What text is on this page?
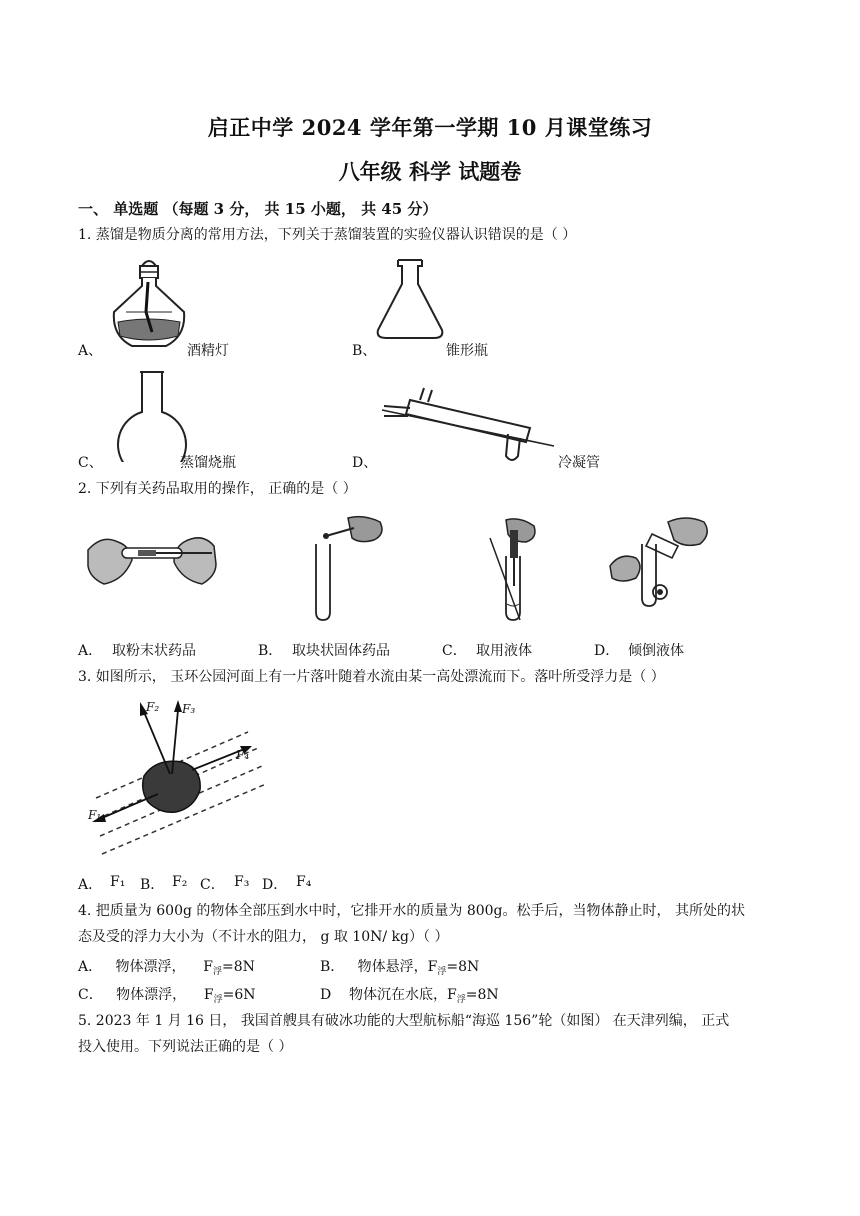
启正中学 2024 学年第一学期 10 月课堂练习
八年级 科学 试题卷
一、 单选题 （每题 3 分， 共 15 小题， 共 45 分）
1. 蒸馏是物质分离的常用方法，下列关于蒸馏装置的实验仪器认识错误的是（ ）
A、	酒精灯	B、	锥形瓶
C、	蒸馏烧瓶	D、	冷凝管
2. 下列有关药品取用的操作， 正确的是（ ）
A． 取粉末状药品	B． 取块状固体药品	C． 取用液体	D． 倾倒液体
3. 如图所示， 玉环公园河面上有一片落叶随着水流由某一高处漂流而下。落叶所受浮力是（ ）
F₂ F₃
F₄
F₁
A． F₁ B． F₂ C． F₃ D． F₄
4. 把质量为 600g 的物体全部压到水中时，它排开水的质量为 800g。松手后，当物体静止时， 其所处的状
态及受的浮力大小为（不计水的阻力， g 取 10N/ kg）（ ）
A． 物体漂浮， $F_浮=8N$	B． 物体悬浮，$F_浮=8N$
C． 物体漂浮， $F_浮=6N$	D 物体沉在水底，$F_浮=8N$
5. 2023 年 1 月 16 日， 我国首艘具有破冰功能的大型航标船“海巡 156”轮（如图） 在天津列编， 正式
投入使用。下列说法正确的是（ ）
